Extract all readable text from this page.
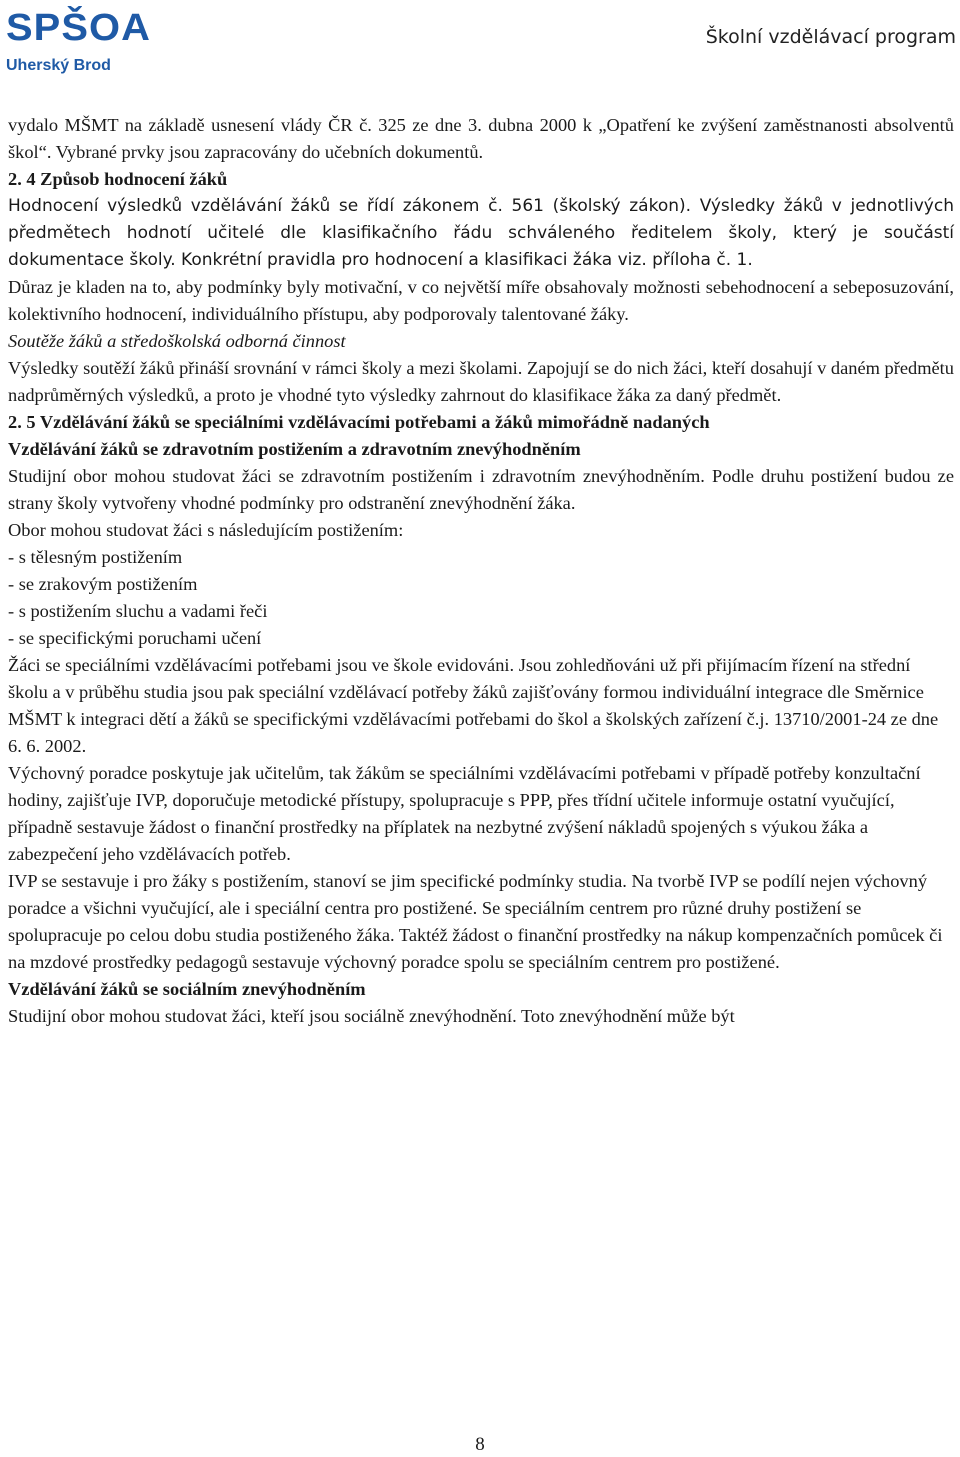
SPŠOA
Uherský Brod
Školní vzdělávací program

vydalo MŠMT na základě usnesení vlády ČR č. 325 ze dne 3. dubna 2000 k „Opatření ke zvýšení zaměstnanosti absolventů škol“. Vybrané prvky jsou zapracovány do učebních dokumentů.

2. 4 Způsob hodnocení žáků

Hodnocení výsledků vzdělávání žáků se řídí zákonem č. 561 (školský zákon). Výsledky žáků v jednotlivých předmětech hodnotí učitelé dle klasifikačního řádu schváleného ředitelem školy, který je součástí dokumentace školy. Konkrétní pravidla pro hodnocení a klasifikaci žáka viz. příloha č. 1.

Důraz je kladen na to, aby podmínky byly motivační, v co největší míře obsahovaly možnosti sebehodnocení a sebeposuzování, kolektivního hodnocení, individuálního přístupu, aby podporovaly talentované žáky.

Soutěže žáků a středoškolská odborná činnost

Výsledky soutěží žáků přináší srovnání v rámci školy a mezi školami. Zapojují se do nich žáci, kteří dosahují v daném předmětu nadprůměrných výsledků, a proto je vhodné tyto výsledky zahrnout do klasifikace žáka za daný předmět.

2. 5 Vzdělávání žáků se speciálními vzdělávacími potřebami a žáků mimořádně nadaných

Vzdělávání žáků se zdravotním postižením a zdravotním znevýhodněním

Studijní obor mohou studovat žáci se zdravotním postižením i zdravotním znevýhodněním. Podle druhu postižení budou ze strany školy vytvořeny vhodné podmínky pro odstranění znevýhodnění žáka.

Obor mohou studovat žáci s následujícím postižením:

- s tělesným postižením

- se zrakovým postižením

- s postižením sluchu a vadami řeči

- se specifickými poruchami učení

Žáci se speciálními vzdělávacími potřebami jsou ve škole evidováni. Jsou zohledňováni už při přijímacím řízení na střední školu a v průběhu studia jsou pak speciální vzdělávací potřeby žáků zajišťovány formou individuální integrace dle Směrnice MŠMT k integraci dětí a žáků se specifickými vzdělávacími potřebami do škol a školských zařízení č.j. 13710/2001-24 ze dne 6. 6. 2002.

Výchovný poradce poskytuje jak učitelům, tak žákům se speciálními vzdělávacími potřebami v případě potřeby konzultační hodiny, zajišťuje IVP, doporučuje metodické přístupy, spolupracuje s PPP, přes třídní učitele informuje ostatní vyučující, případně sestavuje žádost o finanční prostředky na příplatek na nezbytné zvýšení nákladů spojených s výukou žáka a zabezpečení jeho vzdělávacích potřeb.

IVP se sestavuje i pro žáky s postižením, stanoví se jim specifické podmínky studia. Na tvorbě IVP se podílí nejen výchovný poradce a všichni vyučující, ale i speciální centra pro postižené. Se speciálním centrem pro různé druhy postižení se spolupracuje po celou dobu studia postiženého žáka. Taktéž žádost o finanční prostředky na nákup kompenzačních pomůcek či na mzdové prostředky pedagogů sestavuje výchovný poradce spolu se speciálním centrem pro postižené.

Vzdělávání žáků se sociálním znevýhodněním

Studijní obor mohou studovat žáci, kteří jsou sociálně znevýhodnění. Toto znevýhodnění může být

8
